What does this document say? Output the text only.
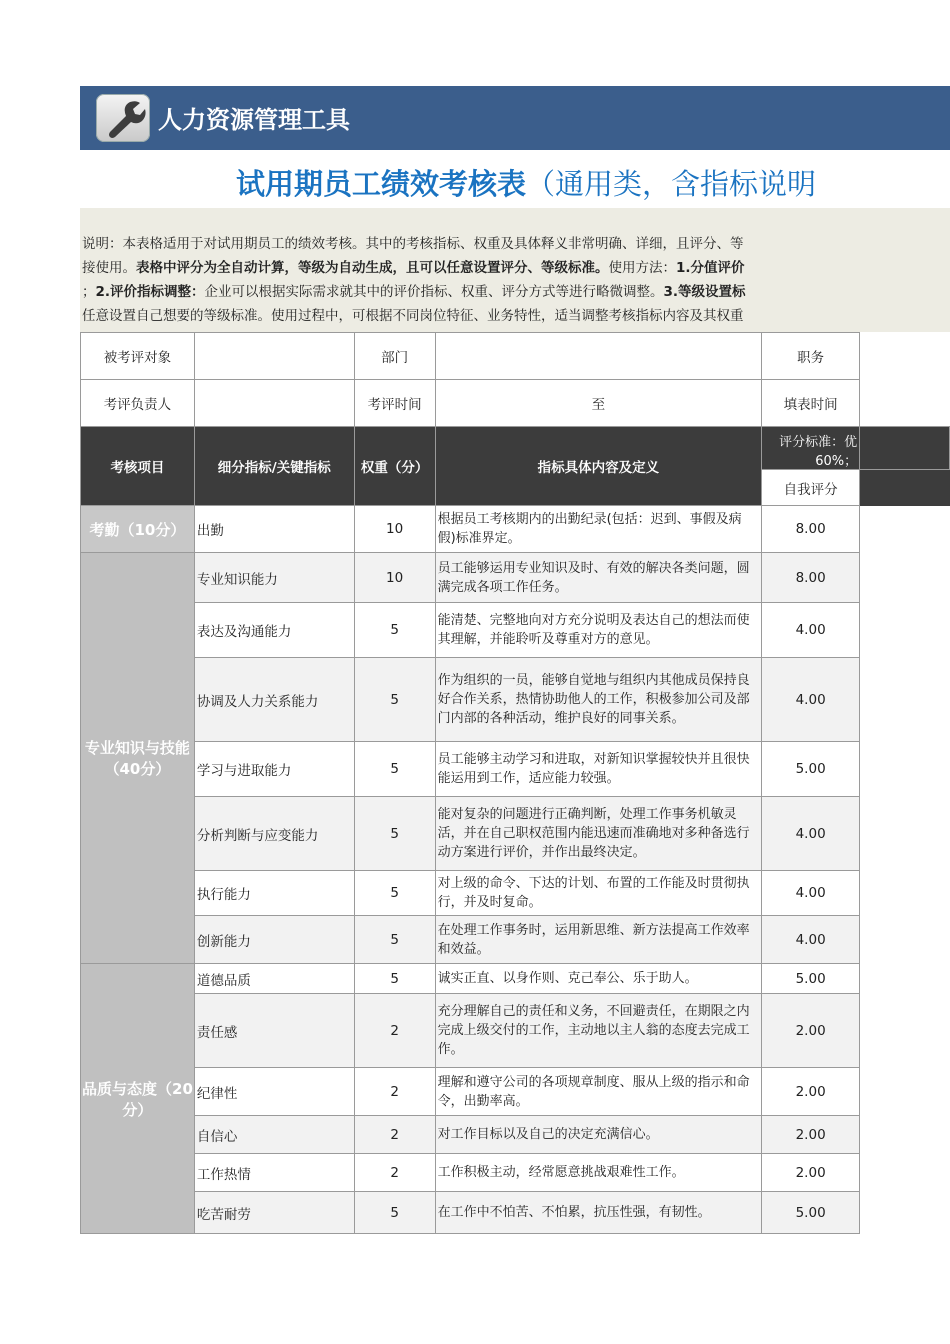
人力资源管理工具
试用期员工绩效考核表（通用类，含指标说明
说明：本表格适用于对试用期员工的绩效考核。其中的考核指标、权重及具体释义非常明确、详细，且评分、等
接使用。表格中评分为全自动计算，等级为自动生成，且可以任意设置评分、等级标准。使用方法：1.分值评价
；2.评价指标调整：企业可以根据实际需求就其中的评价指标、权重、评分方式等进行略微调整。3.等级设置标
任意设置自己想要的等级标准。使用过程中，可根据不同岗位特征、业务特性，适当调整考核指标内容及其权重
被考评对象		部门		职务	
考评负责人		考评时间	至	填表时间	
考核项目	细分指标/关键指标	权重（分）	指标具体内容及定义	评分标准：优
60%；	
				自我评分	
考勤（10分）	出勤	10	根据员工考核期内的出勤纪录(包括：迟到、事假及病假)标准界定。	8.00	
专业知识与技能（40分）	专业知识能力	10	员工能够运用专业知识及时、有效的解决各类问题，圆满完成各项工作任务。	8.00	
	表达及沟通能力	5	能清楚、完整地向对方充分说明及表达自己的想法而使其理解，并能聆听及尊重对方的意见。	4.00	
	协调及人力关系能力	5	作为组织的一员，能够自觉地与组织内其他成员保持良好合作关系，热情协助他人的工作，积极参加公司及部门内部的各种活动，维护良好的同事关系。	4.00	
	学习与进取能力	5	员工能够主动学习和进取，对新知识掌握较快并且很快能运用到工作，适应能力较强。	5.00	
	分析判断与应变能力	5	能对复杂的问题进行正确判断，处理工作事务机敏灵活，并在自己职权范围内能迅速而准确地对多种备选行动方案进行评价，并作出最终决定。	4.00	
	执行能力	5	对上级的命令、下达的计划、布置的工作能及时贯彻执行，并及时复命。	4.00	
	创新能力	5	在处理工作事务时，运用新思维、新方法提高工作效率和效益。	4.00	
品质与态度（20分）	道德品质	5	诚实正直、以身作则、克己奉公、乐于助人。	5.00	
	责任感	2	充分理解自己的责任和义务，不回避责任，在期限之内完成上级交付的工作，主动地以主人翁的态度去完成工作。	2.00	
	纪律性	2	理解和遵守公司的各项规章制度、服从上级的指示和命令，出勤率高。	2.00	
	自信心	2	对工作目标以及自己的决定充满信心。	2.00	
	工作热情	2	工作积极主动，经常愿意挑战艰难性工作。	2.00	
	吃苦耐劳	5	在工作中不怕苦、不怕累，抗压性强，有韧性。	5.00	
